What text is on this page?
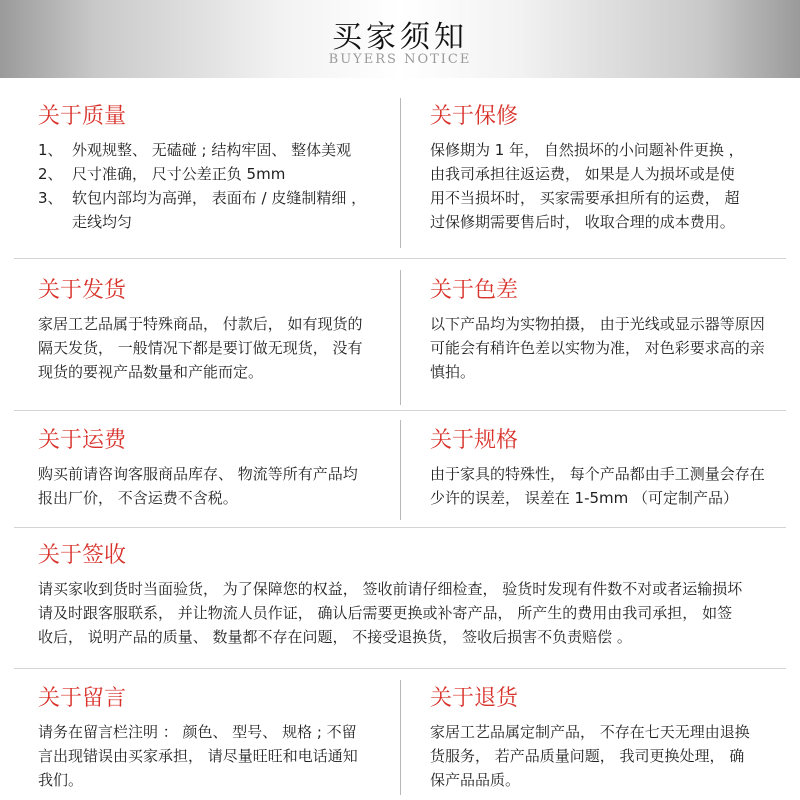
买家须知
BUYERS NOTICE
关于质量
1、 外观规整、 无磕碰 ; 结构牢固、 整体美观
2、 尺寸准确， 尺寸公差正负 5mm
3、 软包内部均为高弹， 表面布 / 皮缝制精细 ，
走线均匀
关于保修
保修期为 1 年， 自然损坏的小问题补件更换 ，
由我司承担往返运费， 如果是人为损坏或是使
用不当损坏时， 买家需要承担所有的运费， 超
过保修期需要售后时， 收取合理的成本费用。
关于发货
家居工艺品属于特殊商品， 付款后， 如有现货的
隔天发货， 一般情况下都是要订做无现货， 没有
现货的要视产品数量和产能而定。
关于色差
以下产品均为实物拍摄， 由于光线或显示器等原因
可能会有稍许色差以实物为准， 对色彩要求高的亲
慎拍。
关于运费
购买前请咨询客服商品库存、 物流等所有产品均
报出厂价， 不含运费不含税。
关于规格
由于家具的特殊性， 每个产品都由手工测量会存在
少许的误差， 误差在 1-5mm （可定制产品）
关于签收
请买家收到货时当面验货， 为了保障您的权益， 签收前请仔细检查， 验货时发现有件数不对或者运输损坏
请及时跟客服联系， 并让物流人员作证， 确认后需要更换或补寄产品， 所产生的费用由我司承担， 如签
收后， 说明产品的质量、 数量都不存在问题， 不接受退换货， 签收后损害不负责赔偿 。
关于留言
请务在留言栏注明 ： 颜色、 型号、 规格 ; 不留
言出现错误由买家承担， 请尽量旺旺和电话通知
我们。
关于退货
家居工艺品属定制产品， 不存在七天无理由退换
货服务， 若产品质量问题， 我司更换处理， 确
保产品品质。
